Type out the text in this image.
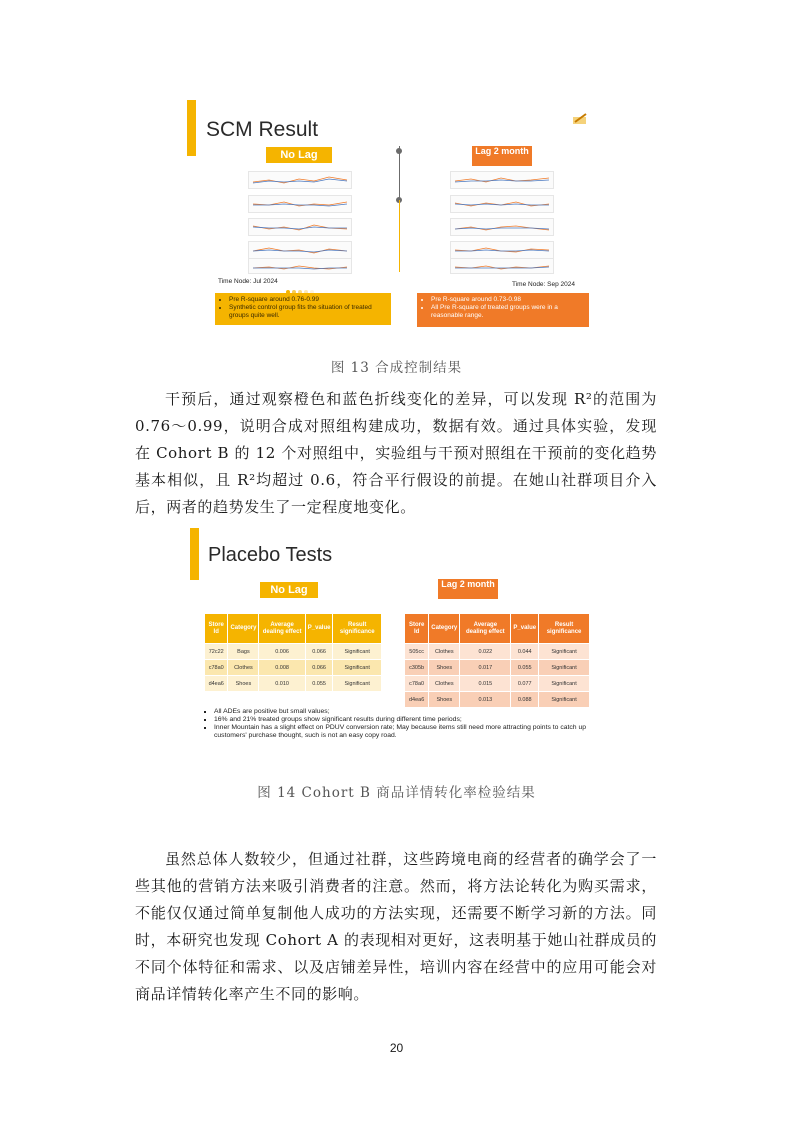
SCM Result
No Lag	Lag 2 month
Time Node: Jul 2024	Time Node: Sep 2024
• Pre R-square around 0.76-0.99
• Synthetic control group fits the situation of treated groups quite well.
• Pre R-square around 0.73-0.98
• All Pre R-square of treated groups were in a reasonable range.
图 13 合成控制结果

干预后，通过观察橙色和蓝色折线变化的差异，可以发现 R²的范围为 0.76～0.99，说明合成对照组构建成功，数据有效。通过具体实验，发现在 Cohort B 的 12 个对照组中，实验组与干预对照组在干预前的变化趋势基本相似，且 R²均超过 0.6，符合平行假设的前提。在她山社群项目介入后，两者的趋势发生了一定程度地变化。

Placebo Tests
No Lag	Lag 2 month
Store Id	Category	Average dealing effect	P_value	Result significance
72c22	Bags	0.006	0.066	Significant
c78a0	Clothes	0.008	0.066	Significant
d4ea6	Shoes	0.010	0.055	Significant
Store Id	Category	Average dealing effect	P_value	Result significance
505cc	Clothes	0.022	0.044	Significant
c305b	Shoes	0.017	0.055	Significant
c78a0	Clothes	0.015	0.077	Significant
d4ea6	Shoes	0.013	0.088	Significant
▪ All ADEs are positive but small values;
▪ 16% and 21% treated groups show significant results during different time periods;
▪ Inner Mountain has a slight effect on PDUV conversion rate; May because items still need more attracting points to catch up customers' purchase thought, such is not an easy copy road.
图 14 Cohort B 商品详情转化率检验结果

虽然总体人数较少，但通过社群，这些跨境电商的经营者的确学会了一些其他的营销方法来吸引消费者的注意。然而，将方法论转化为购买需求，不能仅仅通过简单复制他人成功的方法实现，还需要不断学习新的方法。同时，本研究也发现 Cohort A 的表现相对更好，这表明基于她山社群成员的不同个体特征和需求、以及店铺差异性，培训内容在经营中的应用可能会对商品详情转化率产生不同的影响。

20
